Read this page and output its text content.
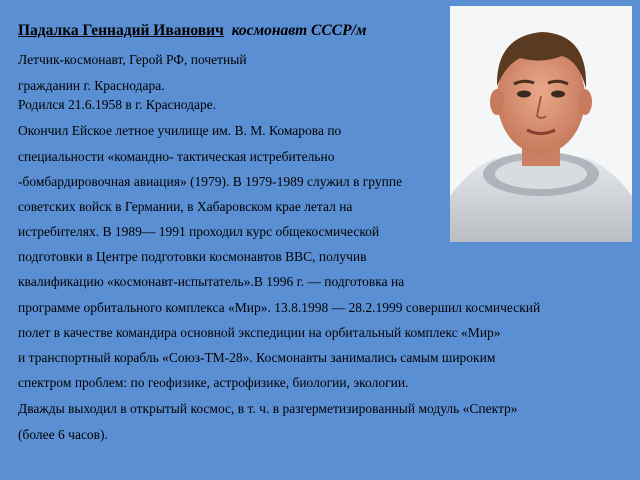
Падалка Геннадий Иванович космонавт СССР/м
Летчик-космонавт, Герой РФ, почетный
гражданин г. Краснодара.
Родился 21.6.1958 в г. Краснодаре.
Окончил Ейское летное училище им. В. М. Комарова по
специальности «командно- тактическая истребительно
-бомбардировочная авиация» (1979). В 1979-1989 служил в группе
советских войск в Германии, в Хабаровском крае летал на
истребителях. В 1989— 1991 проходил курс общекосмической
подготовки в Центре подготовки космонавтов ВВС, получив
квалификацию «космонавт-испытатель».В 1996 г. — подготовка на
программе орбитального комплекса «Мир». 13.8.1998 — 28.2.1999 совершил космический
полет в качестве командира основной экспедиции на орбитальный комплекс «Мир»
и транспортный корабль «Союз-ТМ-28». Космонавты занимались самым широким
спектром проблем: по геофизике, астрофизике, биологии, экологии.
Дважды выходил в открытый космос, в т. ч. в разгерметизированный модуль «Спектр»
(более 6 часов).
